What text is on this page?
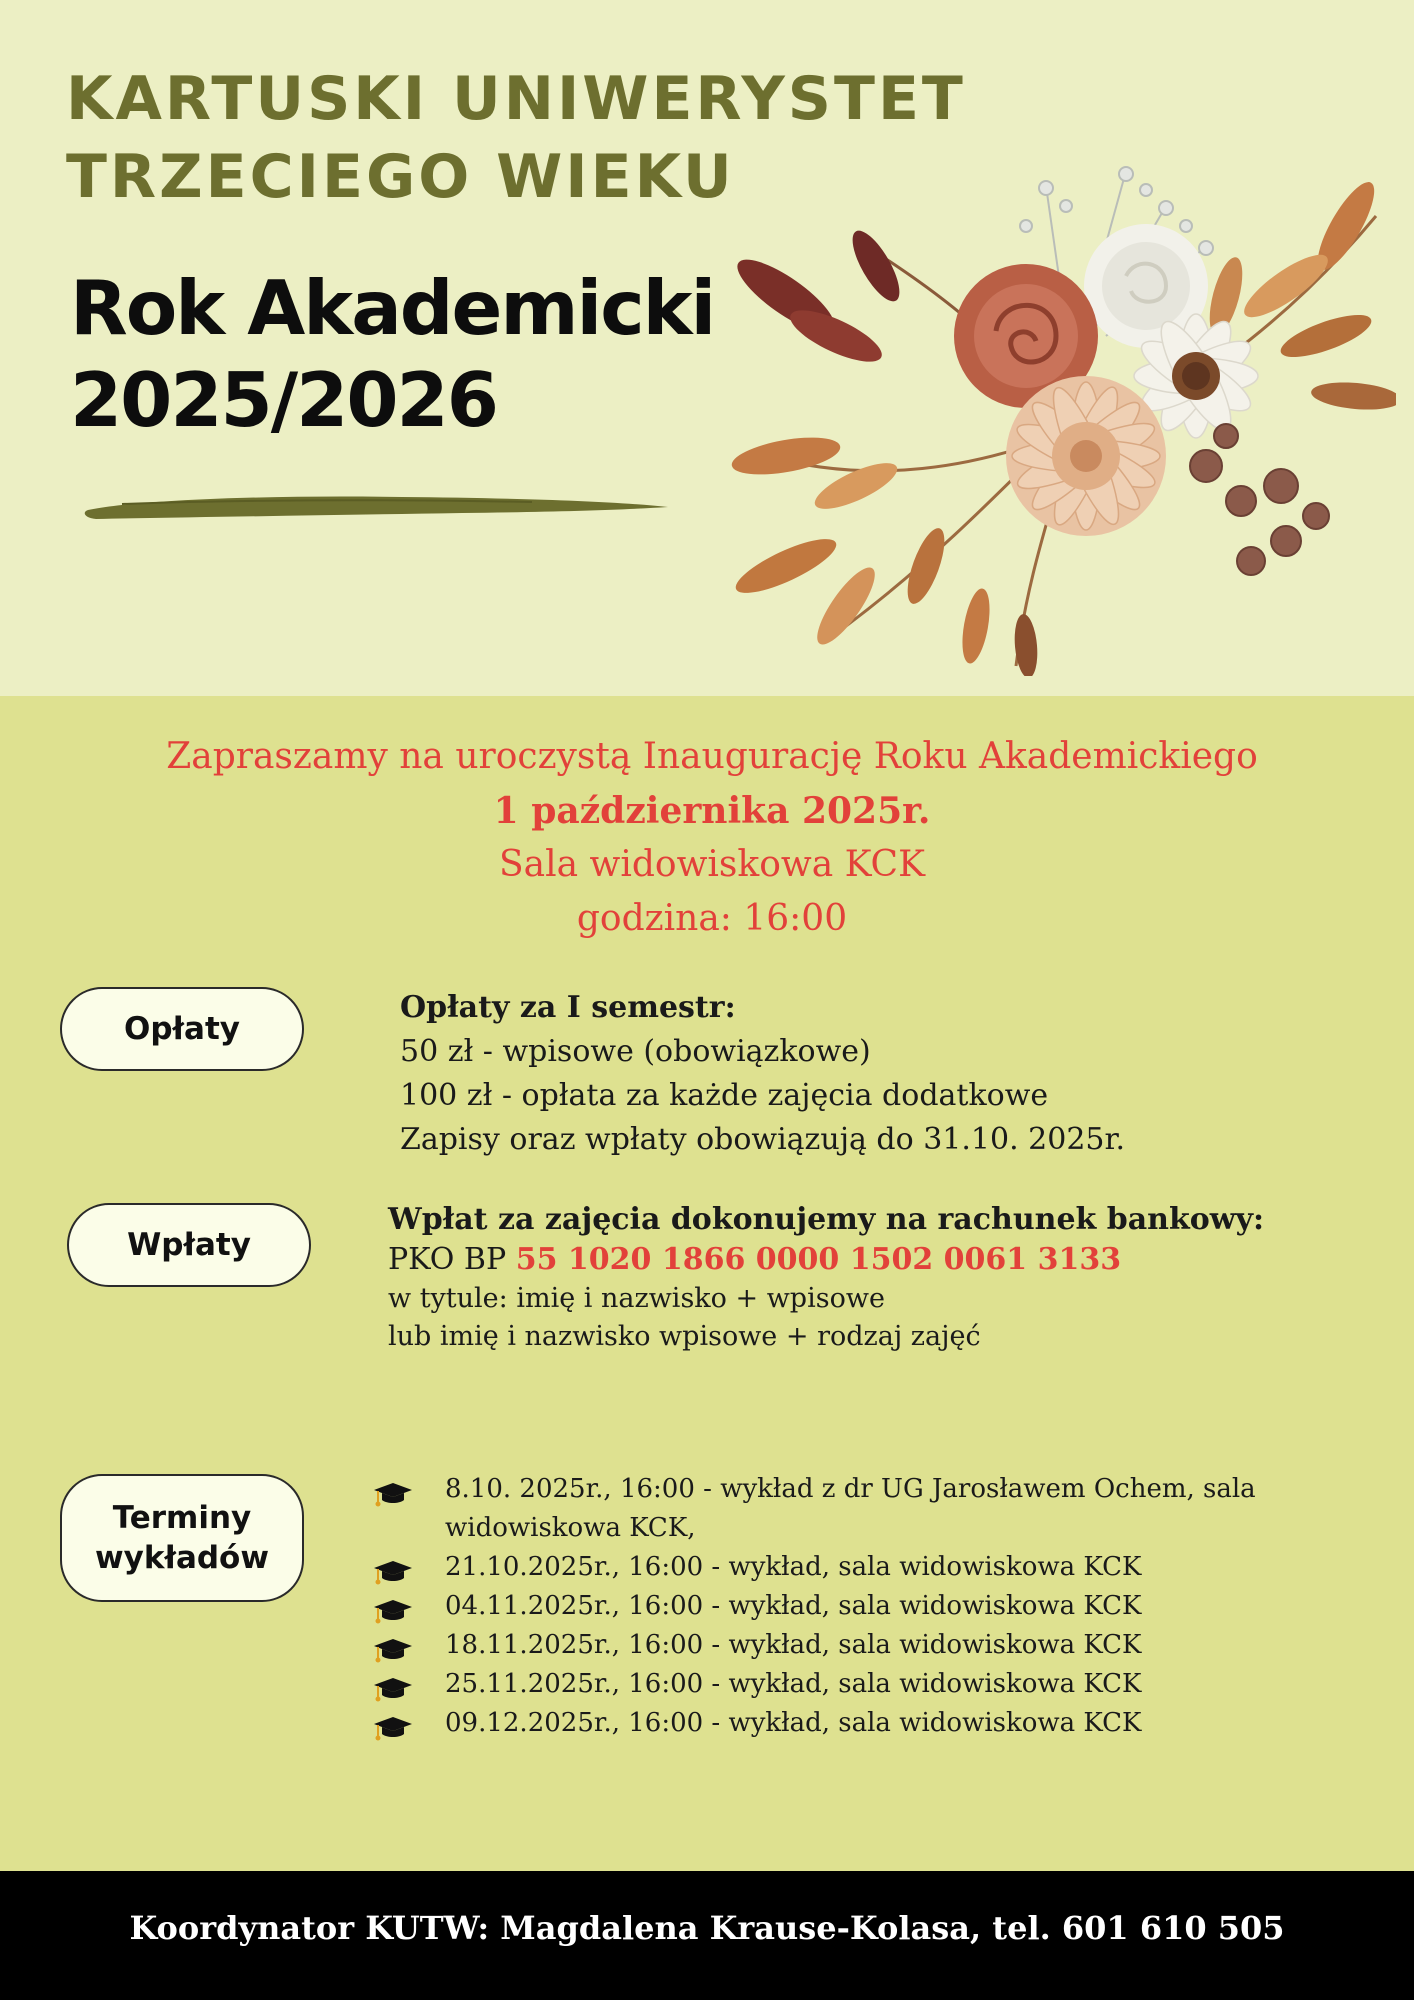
KARTUSKI UNIWERYSTET
TRZECIEGO WIEKU
Rok Akademicki
2025/2026
Zapraszamy na uroczystą Inaugurację Roku Akademickiego
1 października 2025r.
Sala widowiskowa KCK
godzina: 16:00
Opłaty
Opłaty za I semestr:
50 zł - wpisowe (obowiązkowe)
100 zł - opłata za każde zajęcia dodatkowe
Zapisy oraz wpłaty obowiązują do 31.10. 2025r.
Wpłaty
Wpłat za zajęcia dokonujemy na rachunek bankowy:
PKO BP 55 1020 1866 0000 1502 0061 3133
w tytule: imię i nazwisko + wpisowe
lub imię i nazwisko wpisowe + rodzaj zajęć
Terminy
wykładów
8.10. 2025r., 16:00 - wykład z dr UG Jarosławem Ochem, sala widowiskowa KCK,
21.10.2025r., 16:00 - wykład, sala widowiskowa KCK
04.11.2025r., 16:00 - wykład, sala widowiskowa KCK
18.11.2025r., 16:00 - wykład, sala widowiskowa KCK
25.11.2025r., 16:00 - wykład, sala widowiskowa KCK
09.12.2025r., 16:00 - wykład, sala widowiskowa KCK
Koordynator KUTW: Magdalena Krause-Kolasa, tel. 601 610 505
